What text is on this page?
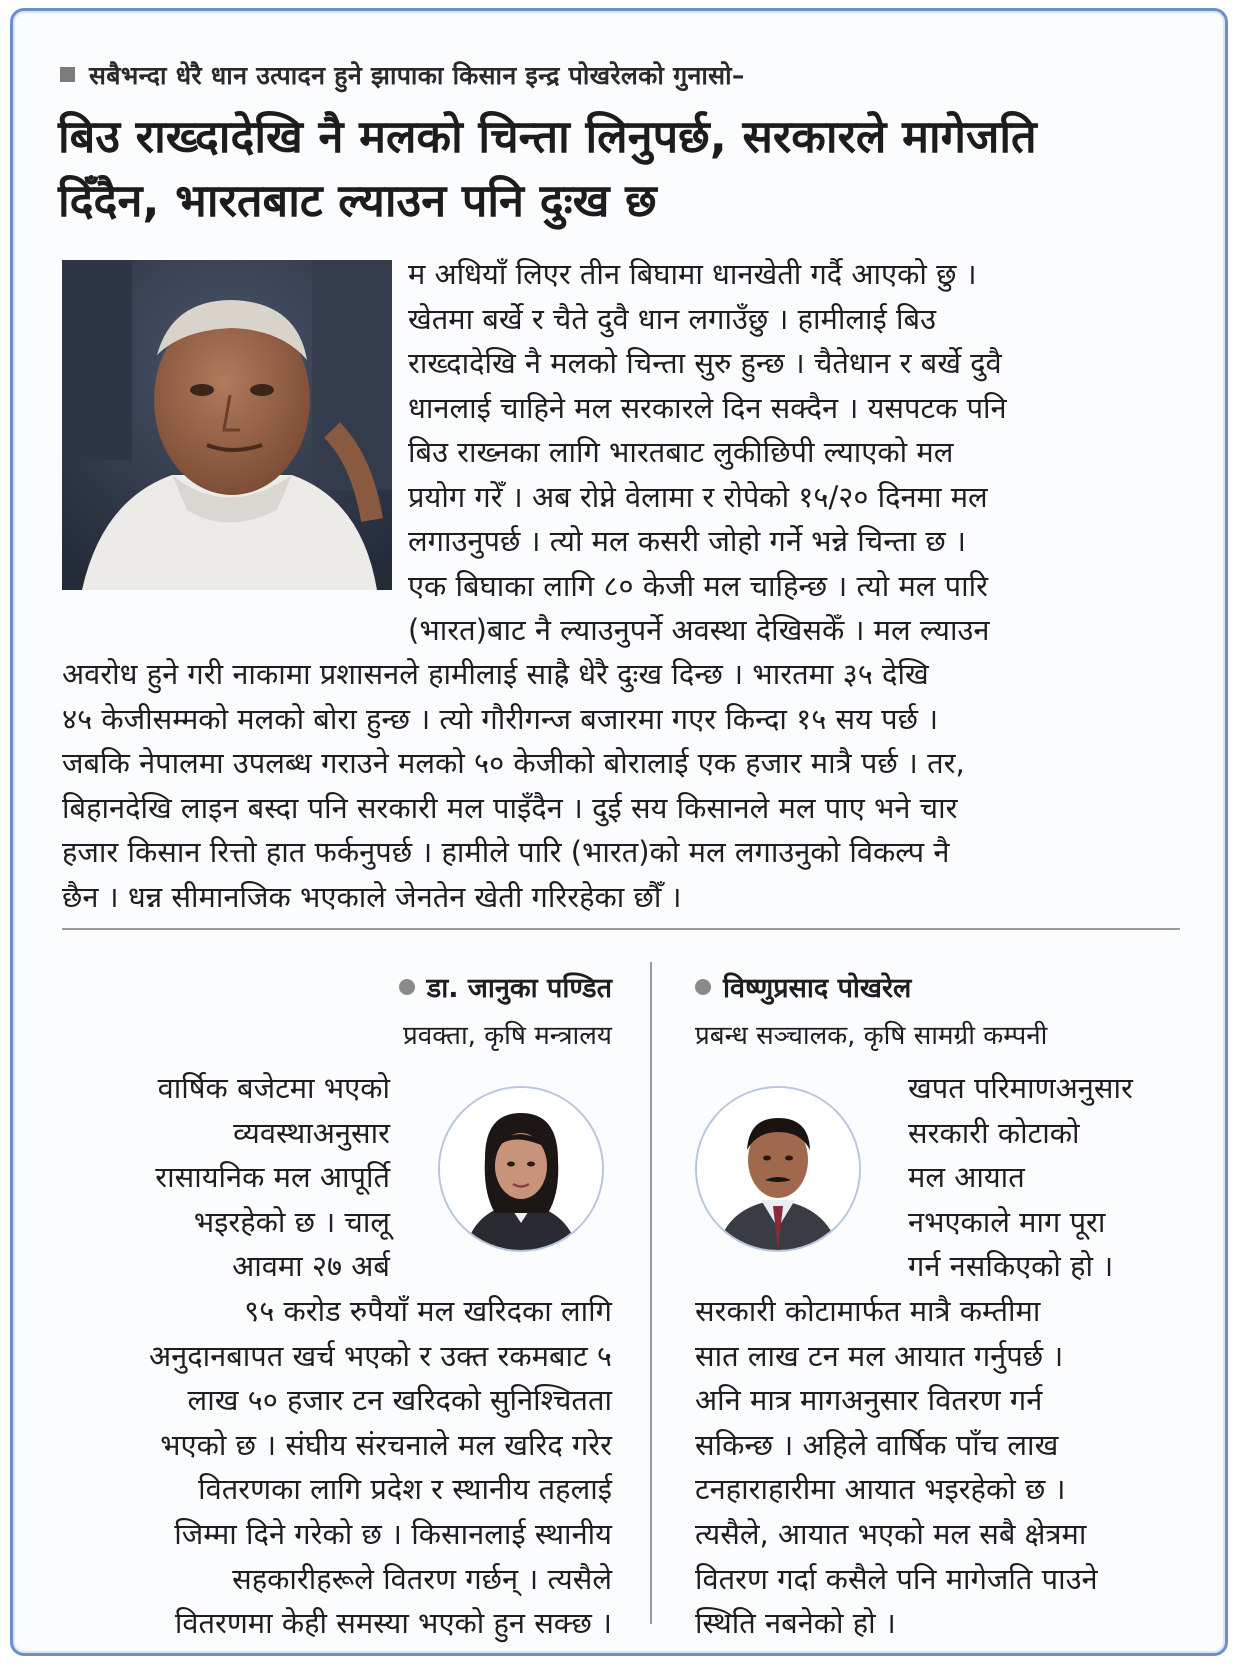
सबैभन्दा धेरै धान उत्पादन हुने झापाका किसान इन्द्र पोखरेलको गुनासो–
बिउ राख्दादेखि नै मलको चिन्ता लिनुपर्छ, सरकारले मागेजति
दिँदैन, भारतबाट ल्याउन पनि दुःख छ
म अधियाँ लिएर तीन बिघामा धानखेती गर्दै आएको छु ।
खेतमा बर्खे र चैते दुवै धान लगाउँछु । हामीलाई बिउ
राख्दादेखि नै मलको चिन्ता सुरु हुन्छ । चैतेधान र बर्खे दुवै
धानलाई चाहिने मल सरकारले दिन सक्दैन । यसपटक पनि
बिउ राख्नका लागि भारतबाट लुकीछिपी ल्याएको मल
प्रयोग गरेँ । अब रोप्ने वेलामा र रोपेको १५/२० दिनमा मल
लगाउनुपर्छ । त्यो मल कसरी जोहो गर्ने भन्ने चिन्ता छ ।
एक बिघाका लागि ८० केजी मल चाहिन्छ । त्यो मल पारि
(भारत)बाट नै ल्याउनुपर्ने अवस्था देखिसकेँ । मल ल्याउन
अवरोध हुने गरी नाकामा प्रशासनले हामीलाई साह्रै धेरै दुःख दिन्छ । भारतमा ३५ देखि
४५ केजीसम्मको मलको बोरा हुन्छ । त्यो गौरीगन्ज बजारमा गएर किन्दा १५ सय पर्छ ।
जबकि नेपालमा उपलब्ध गराउने मलको ५० केजीको बोरालाई एक हजार मात्रै पर्छ । तर,
बिहानदेखि लाइन बस्दा पनि सरकारी मल पाइँदैन । दुई सय किसानले मल पाए भने चार
हजार किसान रित्तो हात फर्कनुपर्छ । हामीले पारि (भारत)को मल लगाउनुको विकल्प नै
छैन । धन्न सीमानजिक भएकाले जेनतेन खेती गरिरहेका छौँ ।
डा. जानुका पण्डित
प्रवक्ता, कृषि मन्त्रालय
वार्षिक बजेटमा भएको
व्यवस्थाअनुसार
रासायनिक मल आपूर्ति
भइरहेको छ । चालू
आवमा २७ अर्ब
९५ करोड रुपैयाँ मल खरिदका लागि
अनुदानबापत खर्च भएको र उक्त रकमबाट ५
लाख ५० हजार टन खरिदको सुनिश्चितता
भएको छ । संघीय संरचनाले मल खरिद गरेर
वितरणका लागि प्रदेश र स्थानीय तहलाई
जिम्मा दिने गरेको छ । किसानलाई स्थानीय
सहकारीहरूले वितरण गर्छन् । त्यसैले
वितरणमा केही समस्या भएको हुन सक्छ ।
विष्णुप्रसाद पोखरेल
प्रबन्ध सञ्चालक, कृषि सामग्री कम्पनी
खपत परिमाणअनुसार
सरकारी कोटाको
मल आयात
नभएकाले माग पूरा
गर्न नसकिएको हो ।
सरकारी कोटामार्फत मात्रै कम्तीमा
सात लाख टन मल आयात गर्नुपर्छ ।
अनि मात्र मागअनुसार वितरण गर्न
सकिन्छ । अहिले वार्षिक पाँच लाख
टनहाराहारीमा आयात भइरहेको छ ।
त्यसैले, आयात भएको मल सबै क्षेत्रमा
वितरण गर्दा कसैले पनि मागेजति पाउने
स्थिति नबनेको हो ।
